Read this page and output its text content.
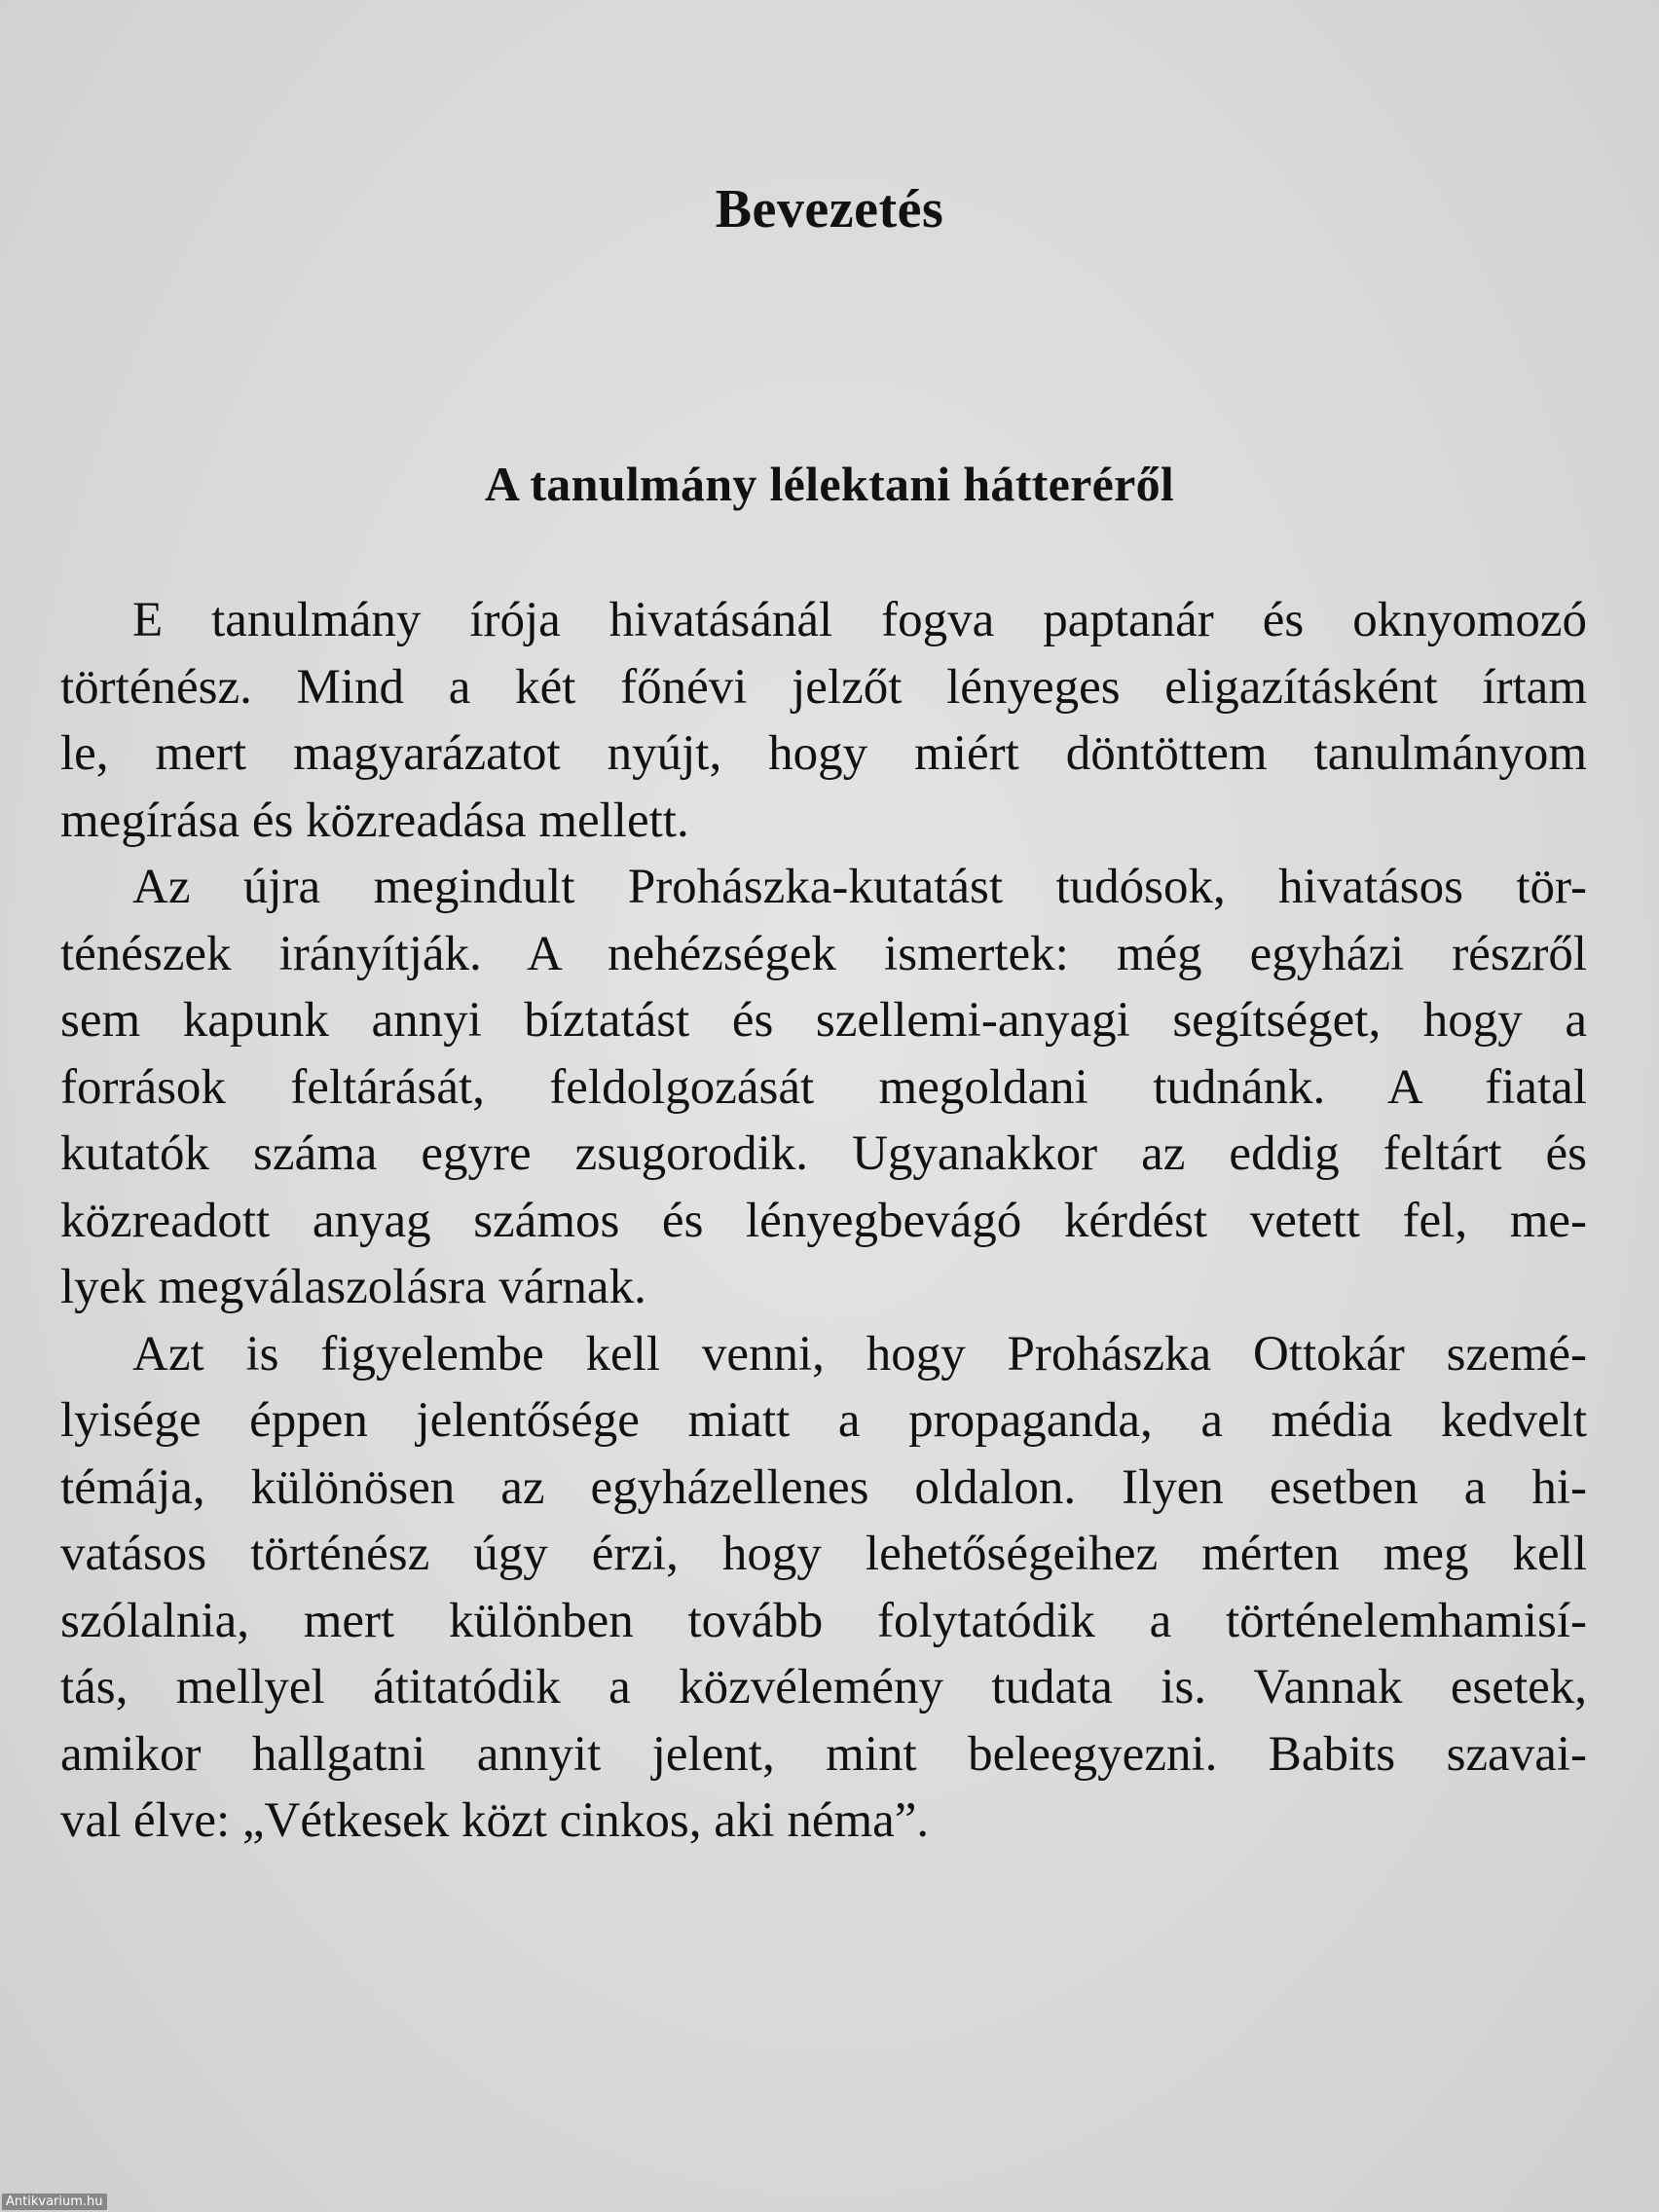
Bevezetés
A tanulmány lélektani hátteréről
E tanulmány írója hivatásánál fogva paptanár és oknyomozó
történész. Mind a két főnévi jelzőt lényeges eligazításként írtam
le, mert magyarázatot nyújt, hogy miért döntöttem tanulmányom
megírása és közreadása mellett.
Az újra megindult Prohászka-kutatást tudósok, hivatásos tör-
ténészek irányítják. A nehézségek ismertek: még egyházi részről
sem kapunk annyi bíztatást és szellemi-anyagi segítséget, hogy a
források feltárását, feldolgozását megoldani tudnánk. A fiatal
kutatók száma egyre zsugorodik. Ugyanakkor az eddig feltárt és
közreadott anyag számos és lényegbevágó kérdést vetett fel, me-
lyek megválaszolásra várnak.
Azt is figyelembe kell venni, hogy Prohászka Ottokár szemé-
lyisége éppen jelentősége miatt a propaganda, a média kedvelt
témája, különösen az egyházellenes oldalon. Ilyen esetben a hi-
vatásos történész úgy érzi, hogy lehetőségeihez mérten meg kell
szólalnia, mert különben tovább folytatódik a történelemhamisí-
tás, mellyel átitatódik a közvélemény tudata is. Vannak esetek,
amikor hallgatni annyit jelent, mint beleegyezni. Babits szavai-
val élve: „Vétkesek közt cinkos, aki néma”.
Antikvarium.hu
